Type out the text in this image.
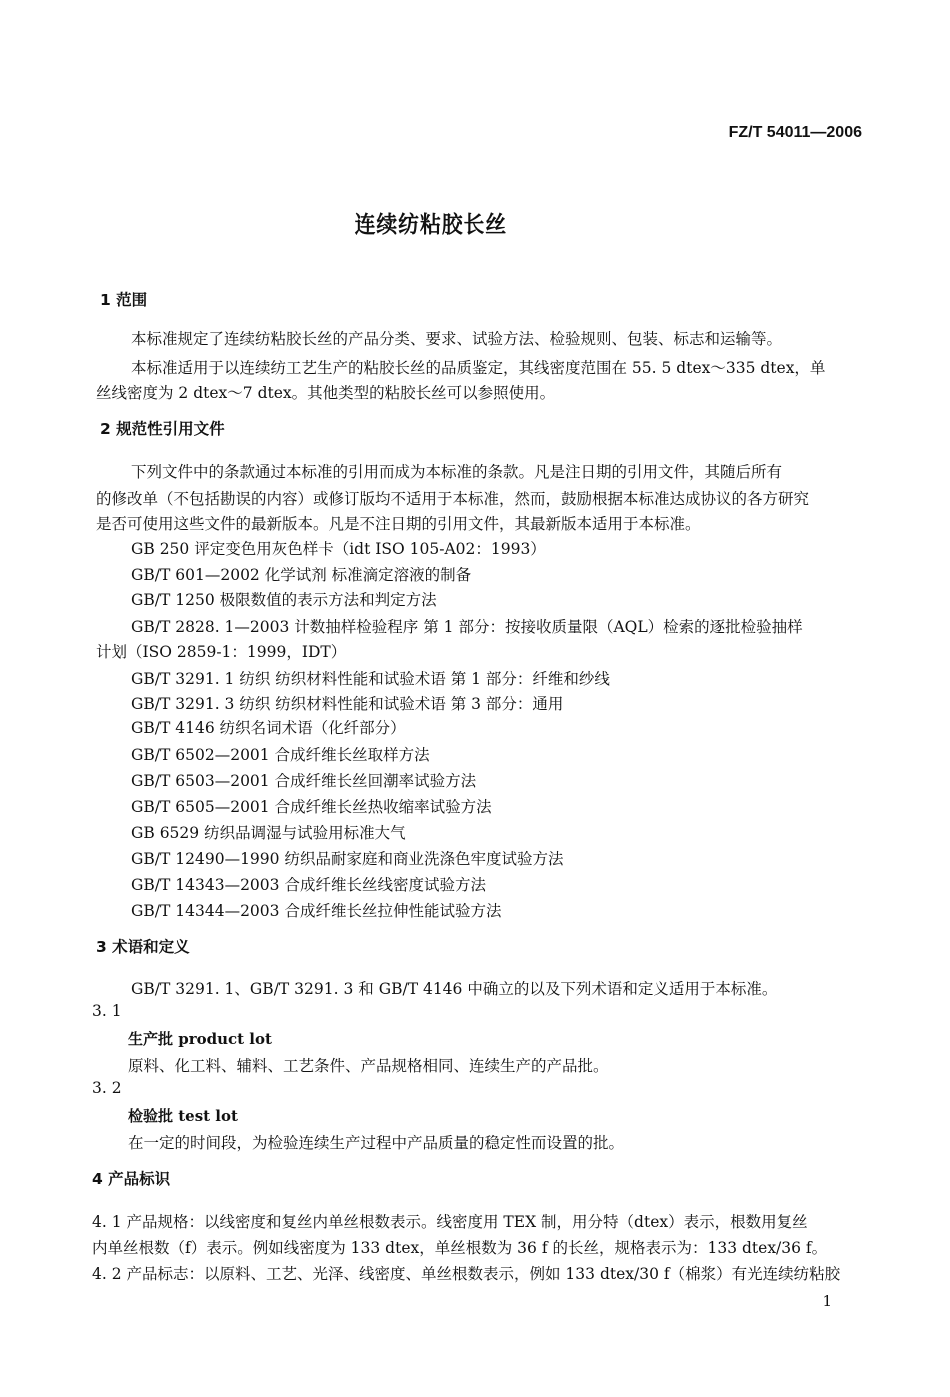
FZ/T 54011—2006
连续纺粘胶长丝
1 范围
本标准规定了连续纺粘胶长丝的产品分类、要求、试验方法、检验规则、包装、标志和运输等。
本标准适用于以连续纺工艺生产的粘胶长丝的品质鉴定，其线密度范围在 55. 5 dtex～335 dtex，单
丝线密度为 2 dtex～7 dtex。其他类型的粘胶长丝可以参照使用。
2 规范性引用文件
下列文件中的条款通过本标准的引用而成为本标准的条款。凡是注日期的引用文件，其随后所有
的修改单（不包括勘误的内容）或修订版均不适用于本标准，然而，鼓励根据本标准达成协议的各方研究
是否可使用这些文件的最新版本。凡是不注日期的引用文件，其最新版本适用于本标准。
GB 250 评定变色用灰色样卡（idt ISO 105-A02：1993）
GB/T 601—2002 化学试剂 标准滴定溶液的制备
GB/T 1250 极限数值的表示方法和判定方法
GB/T 2828. 1—2003 计数抽样检验程序 第 1 部分：按接收质量限（AQL）检索的逐批检验抽样
计划（ISO 2859-1：1999，IDT）
GB/T 3291. 1 纺织 纺织材料性能和试验术语 第 1 部分：纤维和纱线
GB/T 3291. 3 纺织 纺织材料性能和试验术语 第 3 部分：通用
GB/T 4146 纺织名词术语（化纤部分）
GB/T 6502—2001 合成纤维长丝取样方法
GB/T 6503—2001 合成纤维长丝回潮率试验方法
GB/T 6505—2001 合成纤维长丝热收缩率试验方法
GB 6529 纺织品调湿与试验用标准大气
GB/T 12490—1990 纺织品耐家庭和商业洗涤色牢度试验方法
GB/T 14343—2003 合成纤维长丝线密度试验方法
GB/T 14344—2003 合成纤维长丝拉伸性能试验方法
3 术语和定义
GB/T 3291. 1、GB/T 3291. 3 和 GB/T 4146 中确立的以及下列术语和定义适用于本标准。
3. 1
生产批 product lot
原料、化工料、辅料、工艺条件、产品规格相同、连续生产的产品批。
3. 2
检验批 test lot
在一定的时间段，为检验连续生产过程中产品质量的稳定性而设置的批。
4 产品标识
4. 1 产品规格：以线密度和复丝内单丝根数表示。线密度用 TEX 制，用分特（dtex）表示，根数用复丝
内单丝根数（f）表示。例如线密度为 133 dtex，单丝根数为 36 f 的长丝，规格表示为：133 dtex/36 f。
4. 2 产品标志：以原料、工艺、光泽、线密度、单丝根数表示，例如 133 dtex/30 f（棉浆）有光连续纺粘胶
1
